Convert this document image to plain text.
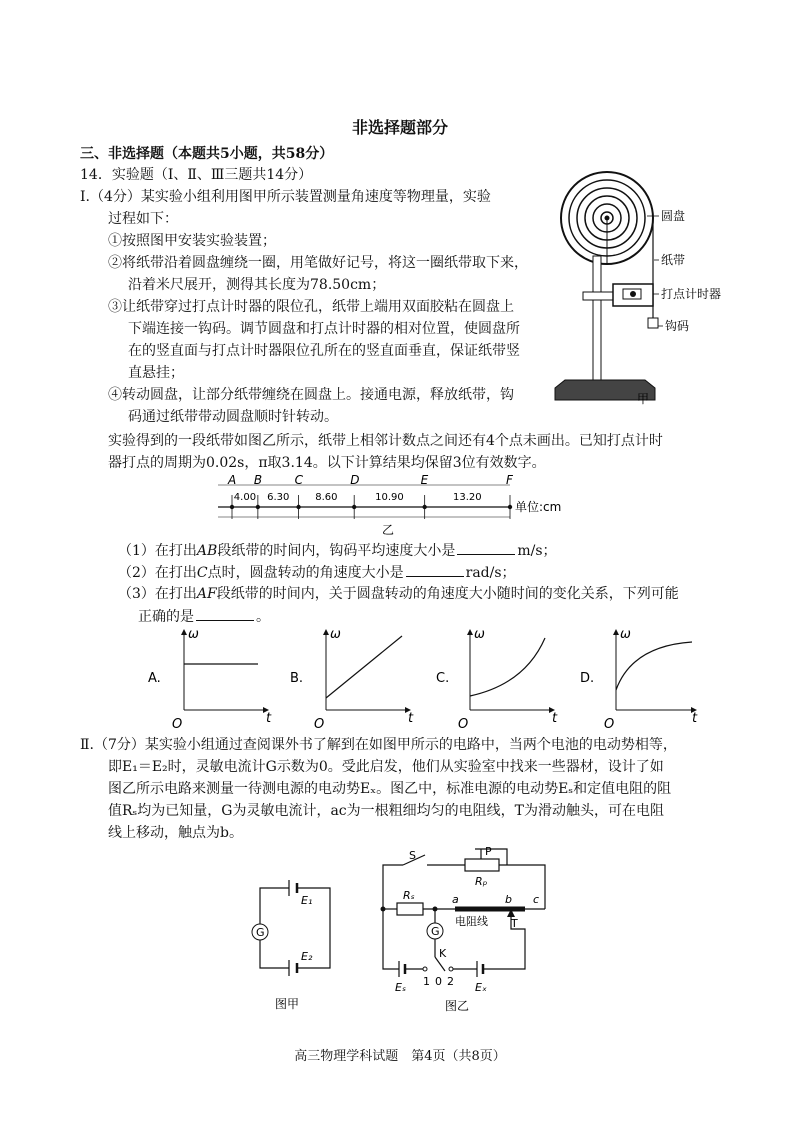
非选择题部分
三、非选择题（本题共5小题，共58分）
14．实验题（Ⅰ、Ⅱ、Ⅲ三题共14分）
Ⅰ.（4分）某实验小组利用图甲所示装置测量角速度等物理量，实验
过程如下：
①按照图甲安装实验装置；
②将纸带沿着圆盘缠绕一圈，用笔做好记号，将这一圈纸带取下来，
沿着米尺展开，测得其长度为78.50cm；
③让纸带穿过打点计时器的限位孔，纸带上端用双面胶粘在圆盘上
下端连接一钩码。调节圆盘和打点计时器的相对位置，使圆盘所
在的竖直面与打点计时器限位孔所在的竖直面垂直，保证纸带竖
直悬挂；
④转动圆盘，让部分纸带缠绕在圆盘上。接通电源，释放纸带，钩
码通过纸带带动圆盘顺时针转动。
实验得到的一段纸带如图乙所示，纸带上相邻计数点之间还有4个点未画出。已知打点计时
器打点的周期为0.02s，π取3.14。以下计算结果均保留3位有效数字。
圆盘
纸带
打点计时器
钩码
甲
A B	C	D	E	F
4.00 6.30	8.60	10.90	13.20
单位:cm
乙
（1）在打出AB段纸带的时间内，钩码平均速度大小是	m/s；
（2）在打出C点时，圆盘转动的角速度大小是	rad/s；
（3）在打出AF段纸带的时间内，关于圆盘转动的角速度大小随时间的变化关系，下列可能
正确的是	。
A.
ω
t
O
B.
ω
t
O
C.
ω
t
O
D.
ω
t
O
Ⅱ.（7分）某实验小组通过查阅课外书了解到在如图甲所示的电路中，当两个电池的电动势相等，
即E₁＝E₂时，灵敏电流计G示数为0。受此启发，他们从实验室中找来一些器材，设计了如
图乙所示电路来测量一待测电源的电动势Eₓ。图乙中，标准电源的电动势Eₛ和定值电阻的阻
值Rₛ均为已知量，G为灵敏电流计，ac为一根粗细均匀的电阻线，T为滑动触头，可在电阻
线上移动，触点为b。
G
E₁
E₂
图甲
G
S	P
Rₚ
Rₛ	a	b c
电阻线 T
K
1 0 2
Eₛ	Eₓ
图乙
高三物理学科试题　第4页（共8页）
